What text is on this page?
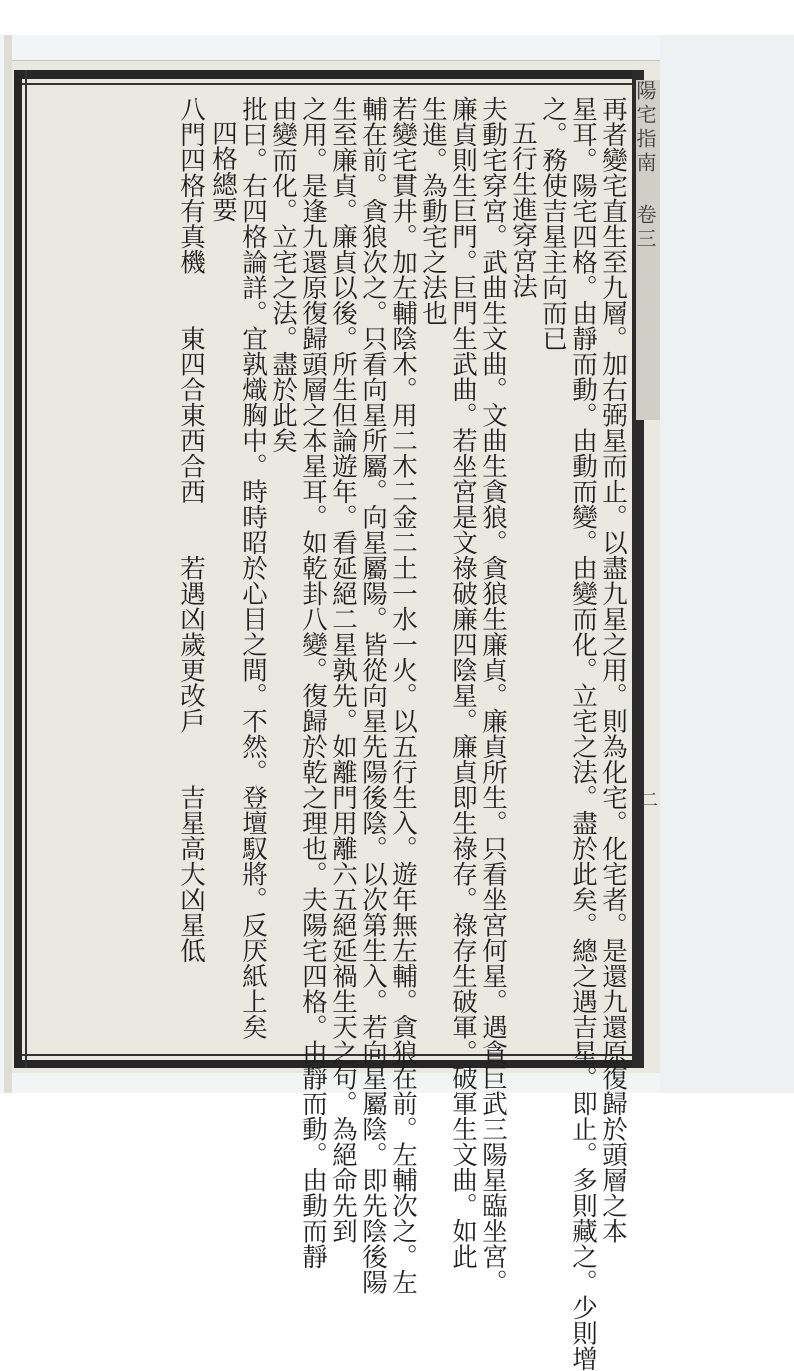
陽宅指南 卷三
二
再者變宅直生至九層。加右弼星而止。以盡九星之用。則為化宅。化宅者。是還九還原復歸於頭層之本
星耳。陽宅四格。由靜而動。由動而變。由變而化。立宅之法。盡於此矣。總之遇吉星。即止。多則藏之。少則增
之。務使吉星主向而已
五行生進穿宮法
夫動宅穿宮。武曲生文曲。文曲生貪狼。貪狼生廉貞。廉貞所生。只看坐宮何星。遇貪巨武三陽星臨坐宮。
廉貞則生巨門。巨門生武曲。若坐宮是文祿破廉四陰星。廉貞即生祿存。祿存生破軍。破軍生文曲。如此
生進。為動宅之法也
若變宅貫井。加左輔陰木。用二木二金二土一水一火。以五行生入。遊年無左輔。貪狼在前。左輔次之。左
輔在前。貪狼次之。只看向星所屬。向星屬陽。皆從向星先陽後陰。以次第生入。若向星屬陰。即先陰後陽
生至廉貞。廉貞以後。所生但論遊年。看延絕二星孰先。如離門用離六五絕延禍生天之句。為絕命先到
之用。是逢九還原復歸頭層之本星耳。如乾卦八變。復歸於乾之理也。夫陽宅四格。由靜而動。由動而靜
由變而化。立宅之法。盡於此矣
批曰。右四格論詳。宜孰熾胸中。時時昭於心目之間。不然。登壇馭將。反厌紙上矣
四格總要
八門四格有真機　　東四合東西合西　　若遇凶歲更改戶　　吉星高大凶星低
